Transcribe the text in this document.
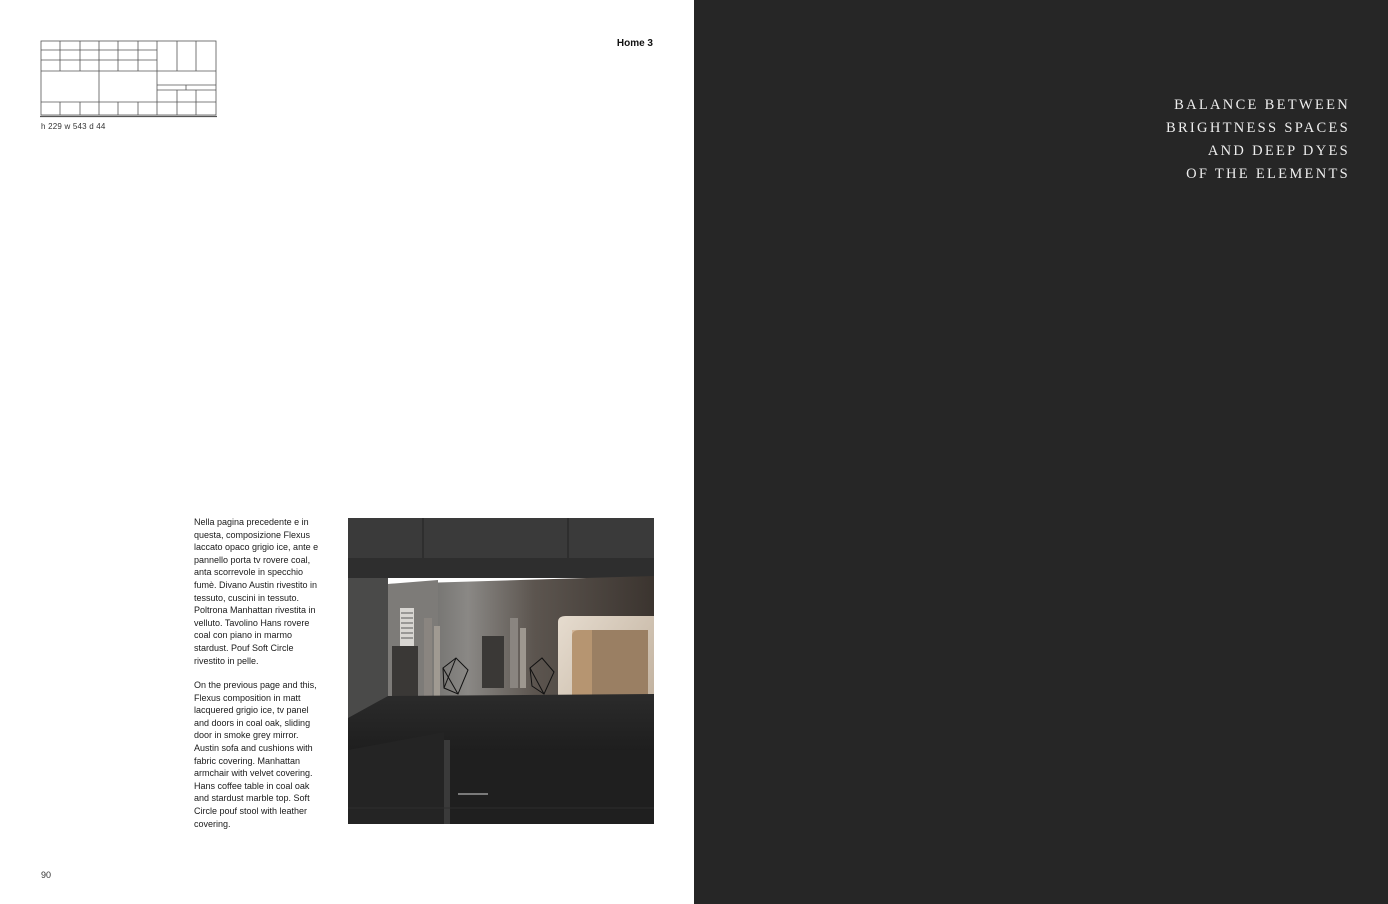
h 229 w 543 d 44
Home 3

Nella pagina precedente e in questa, composizione Flexus laccato opaco grigio ice, ante e pannello porta tv rovere coal, anta scorrevole in specchio fumè. Divano Austin rivestito in tessuto, cuscini in tessuto. Poltrona Manhattan rivestita in velluto. Tavolino Hans rovere coal con piano in marmo stardust. Pouf Soft Circle rivestito in pelle.

On the previous page and this, Flexus composition in matt lacquered grigio ice, tv panel and doors in coal oak, sliding door in smoke grey mirror. Austin sofa and cushions with fabric covering. Manhattan armchair with velvet covering. Hans coffee table in coal oak and stardust marble top. Soft Circle pouf stool with leather covering.

90
BALANCE BETWEEN
BRIGHTNESS SPACES
AND DEEP DYES
OF THE ELEMENTS
